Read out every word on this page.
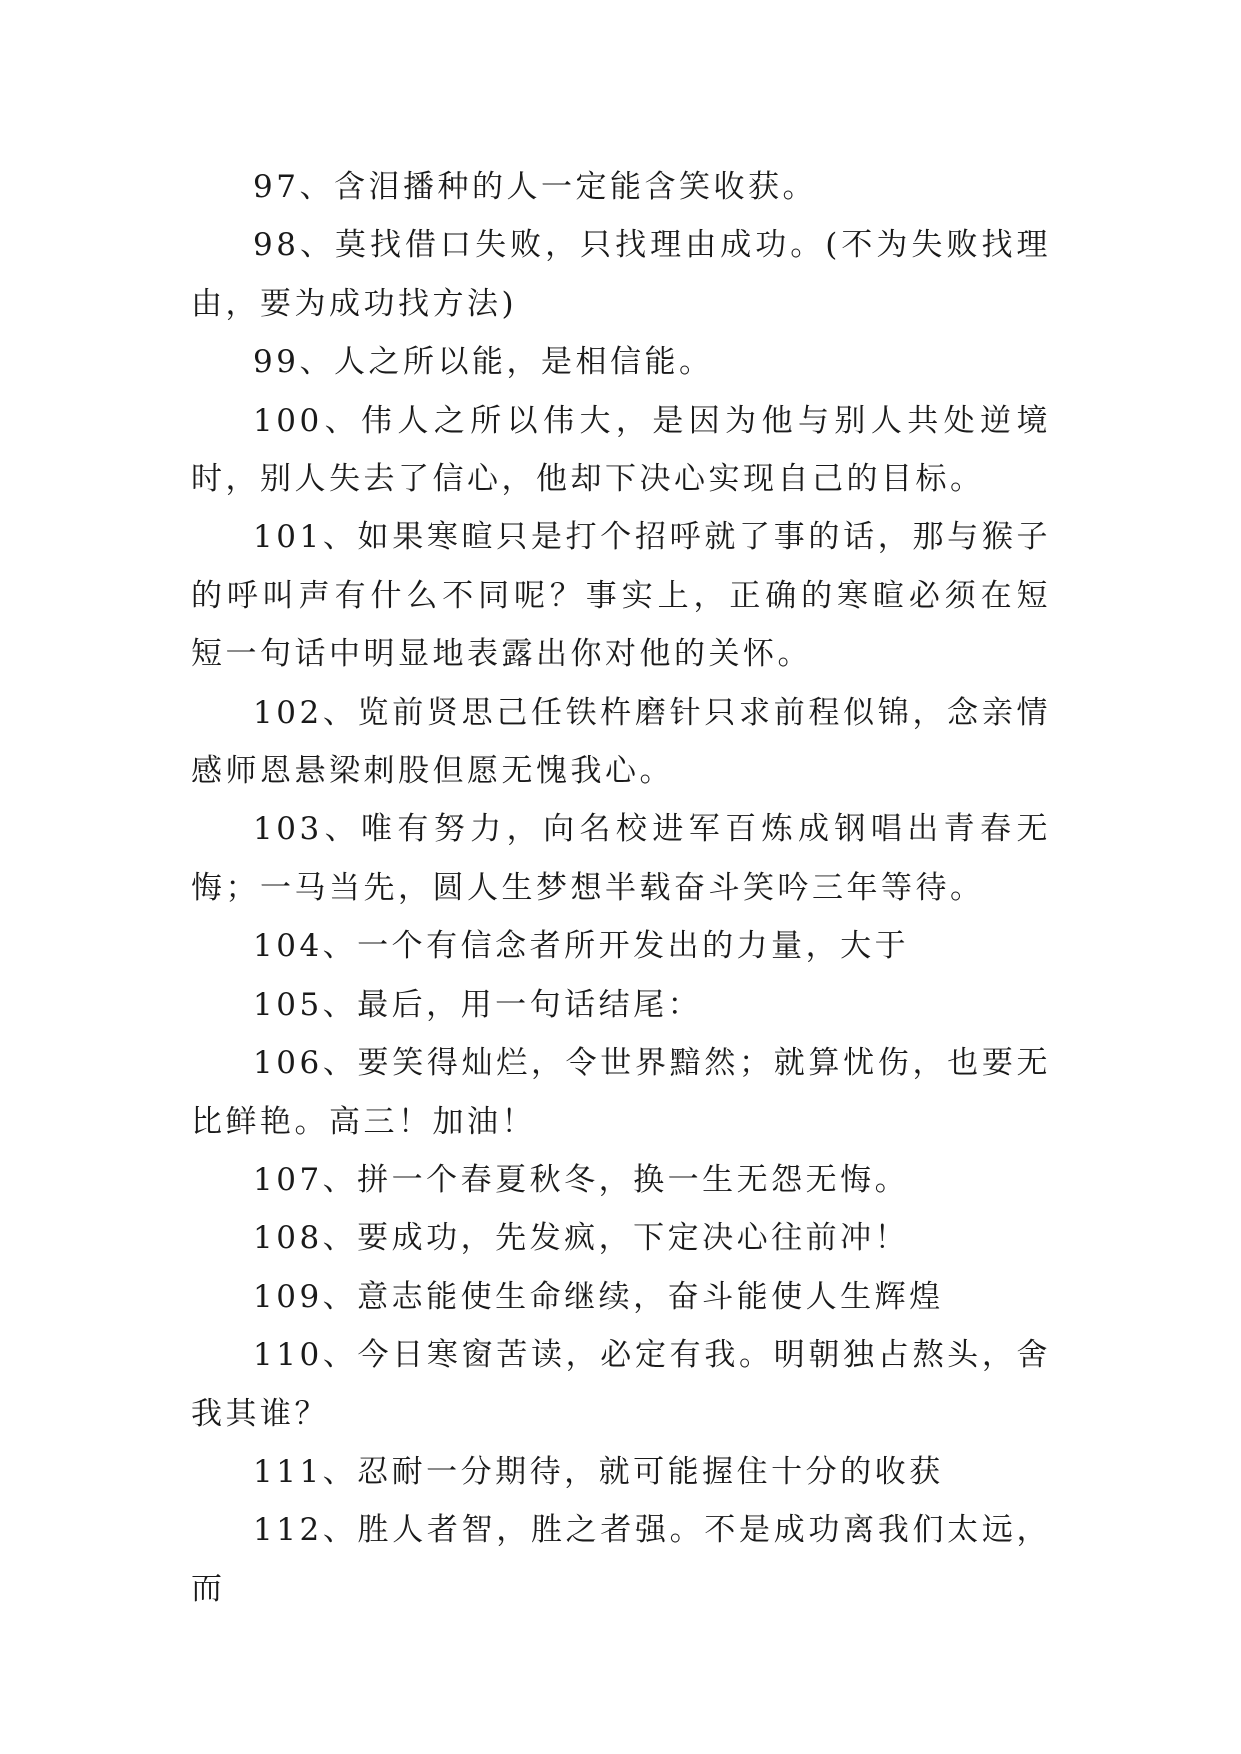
97、含泪播种的人一定能含笑收获。

98、莫找借口失败，只找理由成功。(不为失败找理由，要为成功找方法)

99、人之所以能，是相信能。

100、伟人之所以伟大，是因为他与别人共处逆境时，别人失去了信心，他却下决心实现自己的目标。

101、如果寒暄只是打个招呼就了事的话，那与猴子的呼叫声有什么不同呢？事实上，正确的寒暄必须在短短一句话中明显地表露出你对他的关怀。

102、览前贤思己任铁杵磨针只求前程似锦，念亲情感师恩悬梁刺股但愿无愧我心。

103、唯有努力，向名校进军百炼成钢唱出青春无悔；一马当先，圆人生梦想半载奋斗笑吟三年等待。

104、一个有信念者所开发出的力量，大于

105、最后，用一句话结尾：

106、要笑得灿烂，令世界黯然；就算忧伤，也要无比鲜艳。高三！加油！

107、拼一个春夏秋冬，换一生无怨无悔。

108、要成功，先发疯，下定决心往前冲！

109、意志能使生命继续，奋斗能使人生辉煌

110、今日寒窗苦读，必定有我。明朝独占熬头，舍我其谁？

111、忍耐一分期待，就可能握住十分的收获

112、胜人者智，胜之者强。不是成功离我们太远，而
